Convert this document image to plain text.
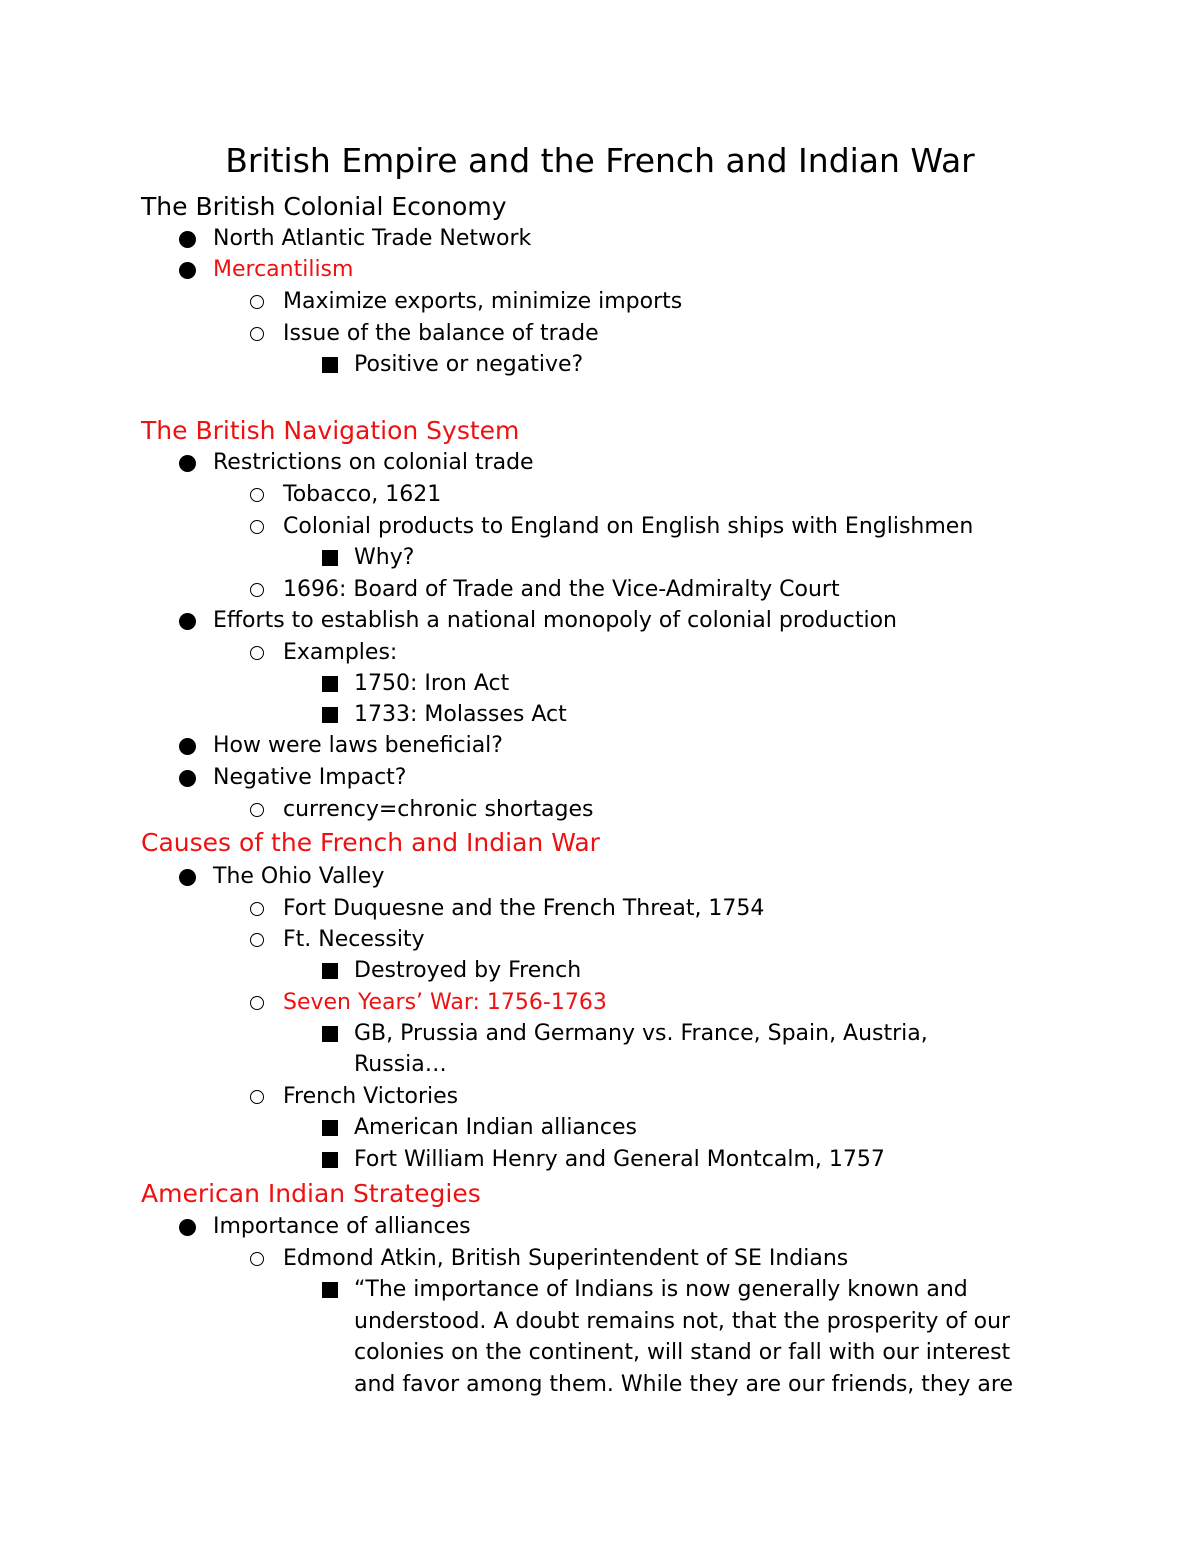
British Empire and the French and Indian War
The British Colonial Economy
North Atlantic Trade Network
Mercantilism
Maximize exports, minimize imports
Issue of the balance of trade
Positive or negative?
The British Navigation System
Restrictions on colonial trade
Tobacco, 1621
Colonial products to England on English ships with Englishmen
Why?
1696: Board of Trade and the Vice-Admiralty Court
Efforts to establish a national monopoly of colonial production
Examples:
1750: Iron Act
1733: Molasses Act
How were laws beneficial?
Negative Impact?
currency=chronic shortages
Causes of the French and Indian War
The Ohio Valley
Fort Duquesne and the French Threat, 1754
Ft. Necessity
Destroyed by French
Seven Years’ War: 1756-1763
GB, Prussia and Germany vs. France, Spain, Austria,
Russia…
French Victories
American Indian alliances
Fort William Henry and General Montcalm, 1757
American Indian Strategies
Importance of alliances
Edmond Atkin, British Superintendent of SE Indians
“The importance of Indians is now generally known and
understood. A doubt remains not, that the prosperity of our
colonies on the continent, will stand or fall with our interest
and favor among them. While they are our friends, they are
